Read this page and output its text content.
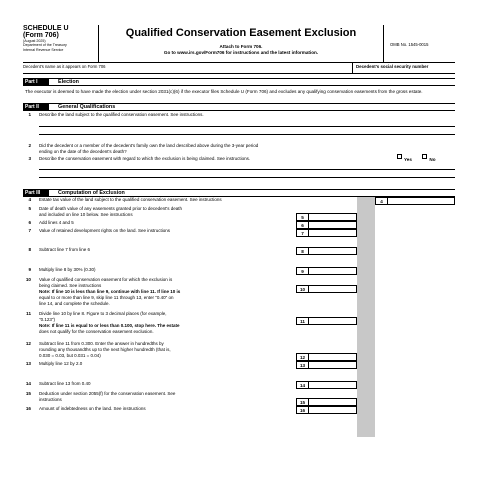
SCHEDULE U
(Form 706)
(August 2025)
Department of the Treasury
Internal Revenue Service
Qualified Conservation Easement Exclusion
Attach to Form 706.
Go to www.irs.gov/Form706 for instructions and the latest information.
OMB No. 1545-0015
Decedent's name as it appears on Form 706	Decedent's social security number
Part I	Election
The executor is deemed to have made the election under section 2031(c)(6) if the executor files Schedule U (Form 706) and excludes any qualifying conservation easements from the gross estate.
Part II	General Qualifications
1 Describe the land subject to the qualified conservation easement. See instructions.
2 Did the decedent or a member of the decedent's family own the land described above during the 3-year period
ending on the date of the decedent's death?
Yes	No
3 Describe the conservation easement with regard to which the exclusion is being claimed. See instructions.
Part III	Computation of Exclusion
4 Estate tax value of the land subject to the qualified conservation easement. See instructions	4
5 Date of death value of any easements granted prior to decedent's death
and included on line 10 below. See instructions
5
6 Add lines 4 and 5
6
7 Value of retained development rights on the land. See instructions
7
8 Subtract line 7 from line 6	8
9 Multiply line 8 by 30% (0.30)	9
10 Value of qualified conservation easement for which the exclusion is
being claimed. See instructions
Note: If line 10 is less than line 9, continue with line 11. If line 10 is
equal to or more than line 9, skip line 11 through 13, enter "0.40" on
line 14, and complete the schedule.
10
11 Divide line 10 by line 8. Figure to 3 decimal places (for example,
"0.123")
Note: If line 11 is equal to or less than 0.100, stop here. The estate
does not qualify for the conservation easement exclusion.
11
12 Subtract line 11 from 0.300. Enter the answer in hundredths by
rounding any thousandths up to the next higher hundredth (that is,
0.030 = 0.03, but 0.031 = 0.04)	12
13 Multiply line 12 by 2.0	13
14 Subtract line 13 from 0.40	14
15 Deduction under section 2055(f) for the conservation easement. See
instructions
15
16 Amount of indebtedness on the land. See instructions	16
